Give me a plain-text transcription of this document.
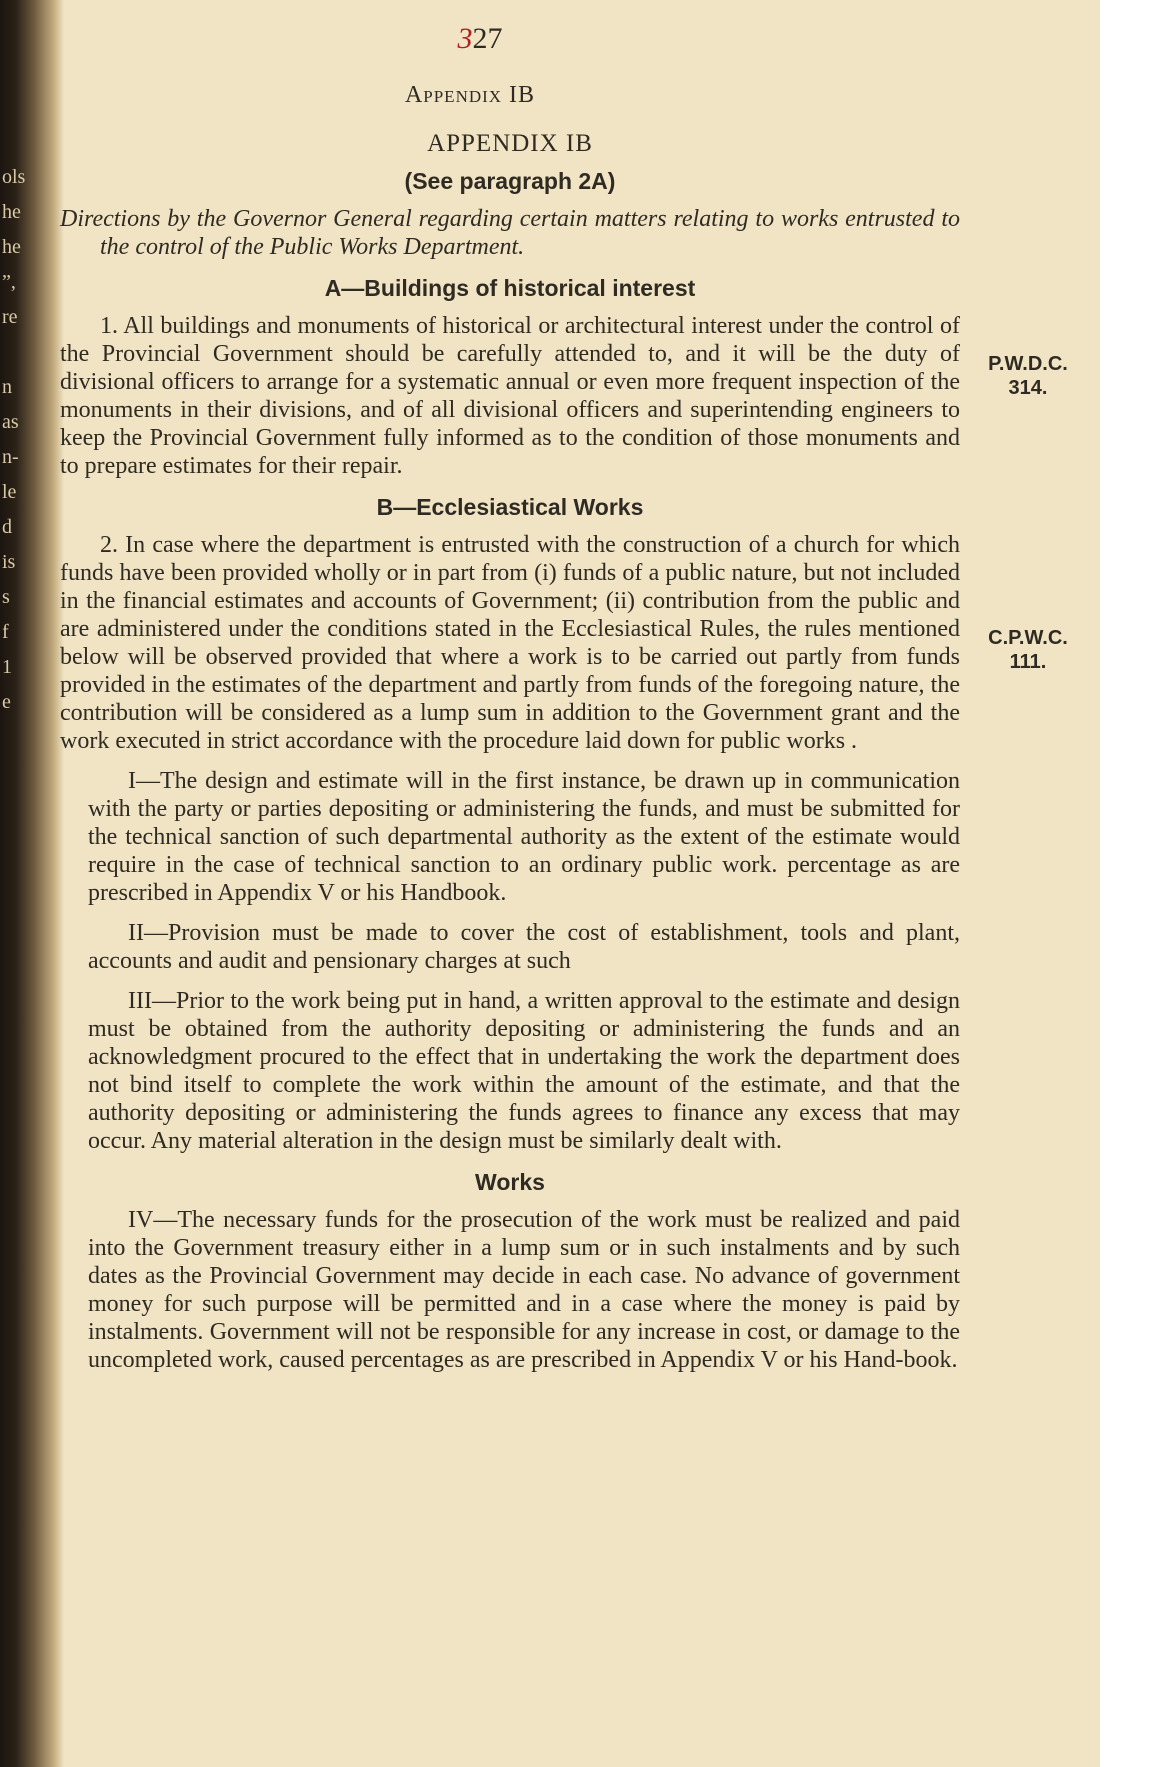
ols
he
he
”,
re

n
as
n-
le
d
is
s
f
1
e
327
Appendix IB
APPENDIX IB
(See paragraph 2A)
Directions by the Governor General regarding certain matters relating to works entrusted to the control of the Public Works Department.
A—Buildings of historical interest
1. All buildings and monuments of historical or architectural interest under the control of the Provincial Government should be carefully attended to, and it will be the duty of divisional officers to arrange for a systematic annual or even more frequent inspection of the monuments in their divisions, and of all divisional officers and superintending engineers to keep the Provincial Government fully informed as to the condition of those monuments and to prepare estimates for their repair.
B—Ecclesiastical Works
2. In case where the department is entrusted with the construction of a church for which funds have been provided wholly or in part from (i) funds of a public nature, but not included in the financial estimates and accounts of Government; (ii) contribution from the public and are administered under the conditions stated in the Ecclesiastical Rules, the rules mentioned below will be observed provided that where a work is to be carried out partly from funds provided in the estimates of the department and partly from funds of the foregoing nature, the contribution will be considered as a lump sum in addition to the Government grant and the work executed in strict accordance with the procedure laid down for public works .
I—The design and estimate will in the first instance, be drawn up in communication with the party or parties depositing or administering the funds, and must be submitted for the technical sanction of such departmental authority as the extent of the estimate would require in the case of technical sanction to an ordinary public work. percentage as are prescribed in Appendix V or his Handbook.
II—Provision must be made to cover the cost of establishment, tools and plant, accounts and audit and pensionary charges at such
III—Prior to the work being put in hand, a written approval to the estimate and design must be obtained from the authority depositing or administering the funds and an acknowledgment procured to the effect that in undertaking the work the department does not bind itself to complete the work within the amount of the estimate, and that the authority depositing or administering the funds agrees to finance any excess that may occur. Any material alteration in the design must be similarly dealt with.
Works
IV—The necessary funds for the prosecution of the work must be realized and paid into the Government treasury either in a lump sum or in such instalments and by such dates as the Provincial Government may decide in each case. No advance of government money for such purpose will be permitted and in a case where the money is paid by instalments. Government will not be responsible for any increase in cost, or damage to the uncompleted work, caused percentages as are prescribed in Appendix V or his Hand-book.
P.W.D.C. 314.
C.P.W.C. 111.
